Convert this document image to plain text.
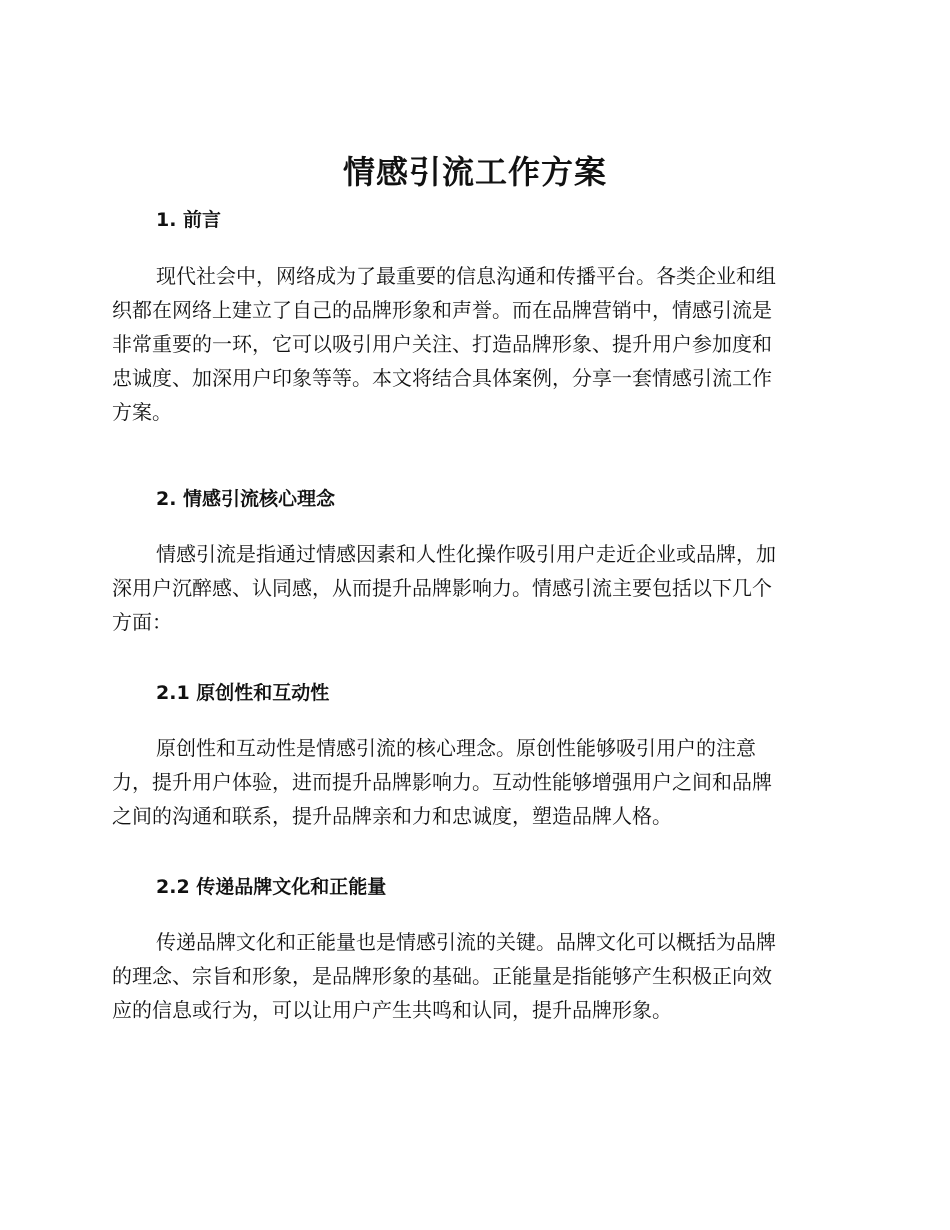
情感引流工作方案
1. 前言
现代社会中，网络成为了最重要的信息沟通和传播平台。各类企业和组
织都在网络上建立了自己的品牌形象和声誉。而在品牌营销中，情感引流是
非常重要的一环，它可以吸引用户关注、打造品牌形象、提升用户参加度和
忠诚度、加深用户印象等等。本文将结合具体案例，分享一套情感引流工作
方案。
2. 情感引流核心理念
情感引流是指通过情感因素和人性化操作吸引用户走近企业或品牌，加
深用户沉醉感、认同感，从而提升品牌影响力。情感引流主要包括以下几个
方面：
2.1 原创性和互动性
原创性和互动性是情感引流的核心理念。原创性能够吸引用户的注意
力，提升用户体验，进而提升品牌影响力。互动性能够增强用户之间和品牌
之间的沟通和联系，提升品牌亲和力和忠诚度，塑造品牌人格。
2.2 传递品牌文化和正能量
传递品牌文化和正能量也是情感引流的关键。品牌文化可以概括为品牌
的理念、宗旨和形象，是品牌形象的基础。正能量是指能够产生积极正向效
应的信息或行为，可以让用户产生共鸣和认同，提升品牌形象。
